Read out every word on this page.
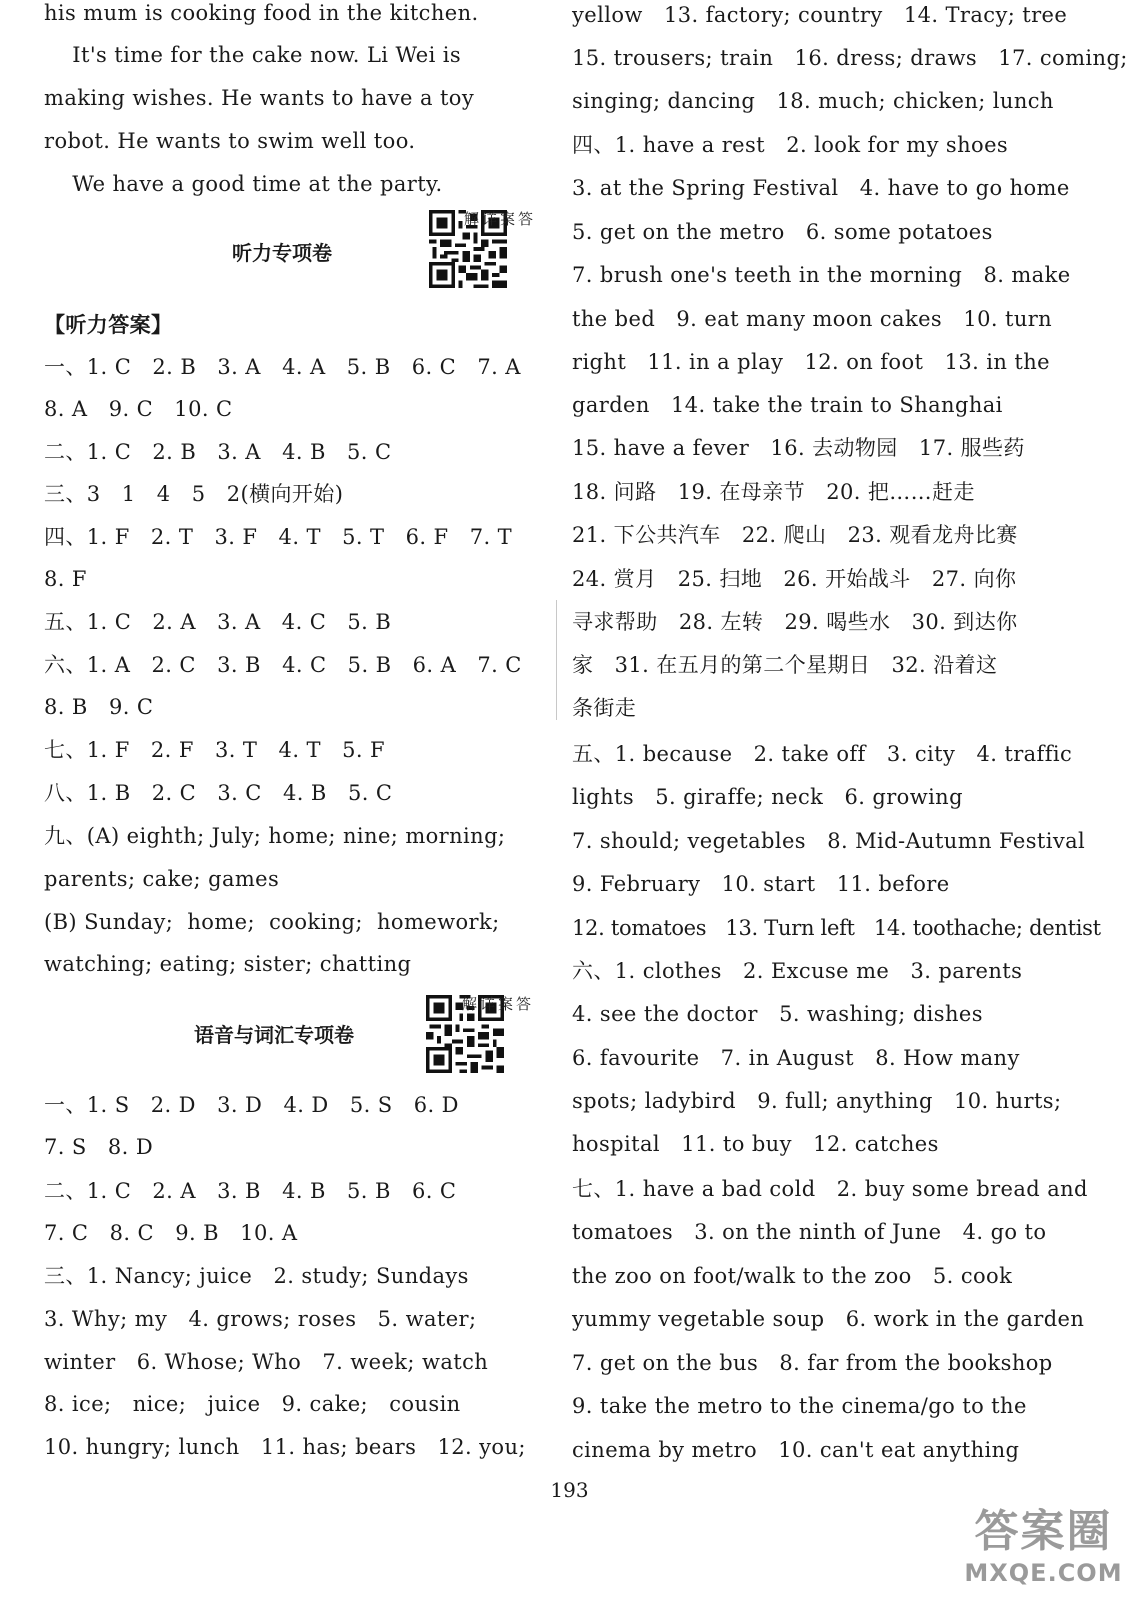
his mum is cooking food in the kitchen.
It's time for the cake now. Li Wei is
making wishes. He wants to have a toy
robot. He wants to swim well too.
We have a good time at the party.
听力专项卷
答案详解
【听力答案】
一、1. C   2. B   3. A   4. A   5. B   6. C   7. A
8. A   9. C   10. C
二、1. C   2. B   3. A   4. B   5. C
三、3   1   4   5   2(横向开始)
四、1. F   2. T   3. F   4. T   5. T   6. F   7. T
8. F
五、1. C   2. A   3. A   4. C   5. B
六、1. A   2. C   3. B   4. C   5. B   6. A   7. C
8. B   9. C
七、1. F   2. F   3. T   4. T   5. F
八、1. B   2. C   3. C   4. B   5. C
九、(A) eighth; July; home; nine; morning;
parents; cake; games
(B) Sunday;  home;  cooking;  homework;
watching; eating; sister; chatting
语音与词汇专项卷
答案详解
一、1. S   2. D   3. D   4. D   5. S   6. D
7. S   8. D
二、1. C   2. A   3. B   4. B   5. B   6. C
7. C   8. C   9. B   10. A
三、1. Nancy; juice   2. study; Sundays
3. Why; my   4. grows; roses   5. water;
winter   6. Whose; Who   7. week; watch
8. ice;   nice;   juice   9. cake;   cousin
10. hungry; lunch   11. has; bears   12. you;
yellow   13. factory; country   14. Tracy; tree
15. trousers; train   16. dress; draws   17. coming;
singing; dancing   18. much; chicken; lunch
四、1. have a rest   2. look for my shoes
3. at the Spring Festival   4. have to go home
5. get on the metro   6. some potatoes
7. brush one's teeth in the morning   8. make
the bed   9. eat many moon cakes   10. turn
right   11. in a play   12. on foot   13. in the
garden   14. take the train to Shanghai
15. have a fever   16. 去动物园   17. 服些药
18. 问路   19. 在母亲节   20. 把……赶走
21. 下公共汽车   22. 爬山   23. 观看龙舟比赛
24. 赏月   25. 扫地   26. 开始战斗   27. 向你
寻求帮助   28. 左转   29. 喝些水   30. 到达你
家   31. 在五月的第二个星期日   32. 沿着这
条街走
五、1. because   2. take off   3. city   4. traffic
lights   5. giraffe; neck   6. growing
7. should; vegetables   8. Mid-Autumn Festival
9. February   10. start   11. before
12. tomatoes   13. Turn left   14. toothache; dentist
六、1. clothes   2. Excuse me   3. parents
4. see the doctor   5. washing; dishes
6. favourite   7. in August   8. How many
spots; ladybird   9. full; anything   10. hurts;
hospital   11. to buy   12. catches
七、1. have a bad cold   2. buy some bread and
tomatoes   3. on the ninth of June   4. go to
the zoo on foot/walk to the zoo   5. cook
yummy vegetable soup   6. work in the garden
7. get on the bus   8. far from the bookshop
9. take the metro to the cinema/go to the
cinema by metro   10. can't eat anything
193
答案圈
MXQE.COM
